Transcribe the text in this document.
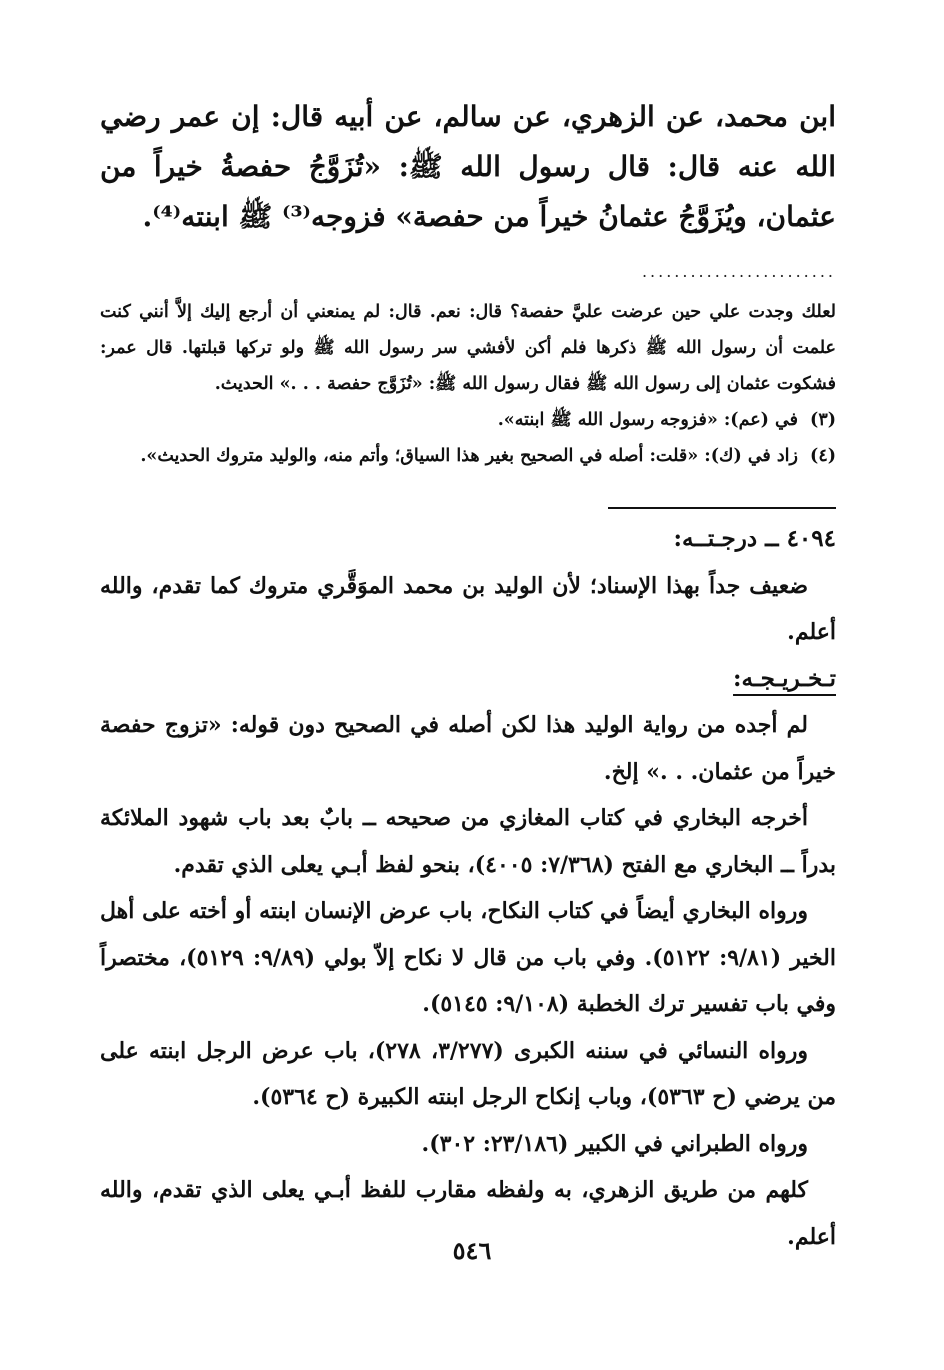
ابن محمد، عن الزهري، عن سالم، عن أبيه قال: إن عمر رضي الله عنه قال: قال رسول الله ﷺ: «تُزَوَّجُ حفصةُ خيراً من عثمان، ويُزَوَّجُ عثمانُ خيراً من حفصة» فزوجه⁽³⁾ ﷺ ابنته⁽⁴⁾.

........................

لعلك وجدت علي حين عرضت عليَّ حفصة؟ قال: نعم. قال: لم يمنعني أن أرجع إليك إلاَّ أنني كنت علمت أن رسول الله ﷺ ذكرها فلم أكن لأفشي سر رسول الله ﷺ ولو تركها قبلتها. قال عمر: فشكوت عثمان إلى رسول الله ﷺ فقال رسول الله ﷺ: «تُزَوَّج حفصة . . .» الحديث.

(٣)
في (عم): «فزوجه رسول الله ﷺ ابنته».
(٤)
زاد في (ك): «قلت: أصله في الصحيح بغير هذا السياق؛ وأتم منه، والوليد متروك الحديث».

٤٠٩٤ ــ درجـتــه:

ضعيف جداً بهذا الإسناد؛ لأن الوليد بن محمد الموَقَّري متروك كما تقدم، والله أعلم.

تـخـريـجـه:

لم أجده من رواية الوليد هذا لكن أصله في الصحيح دون قوله: «تزوج حفصة خيراً من عثمان. . .» إلخ.

أخرجه البخاري في كتاب المغازي من صحيحه ــ بابٌ بعد باب شهود الملائكة بدراً ــ البخاري مع الفتح (٧/٣٦٨: ٤٠٠٥)، بنحو لفظ أبـي يعلى الذي تقدم.

ورواه البخاري أيضاً في كتاب النكاح، باب عرض الإنسان ابنته أو أخته على أهل الخير (٩/٨١: ٥١٢٢). وفي باب من قال لا نكاح إلاّ بولي (٩/٨٩: ٥١٢٩)، مختصراً وفي باب تفسير ترك الخطبة (٩/١٠٨: ٥١٤٥).

ورواه النسائي في سننه الكبرى (٣/٢٧٧، ٢٧٨)، باب عرض الرجل ابنته على من يرضي (ح ٥٣٦٣)، وباب إنكاح الرجل ابنته الكبيرة (ح ٥٣٦٤).

ورواه الطبراني في الكبير (٢٣/١٨٦: ٣٠٢).

كلهم من طريق الزهري، به ولفظه مقارب للفظ أبـي يعلى الذي تقدم، والله أعلم.

٥٤٦
